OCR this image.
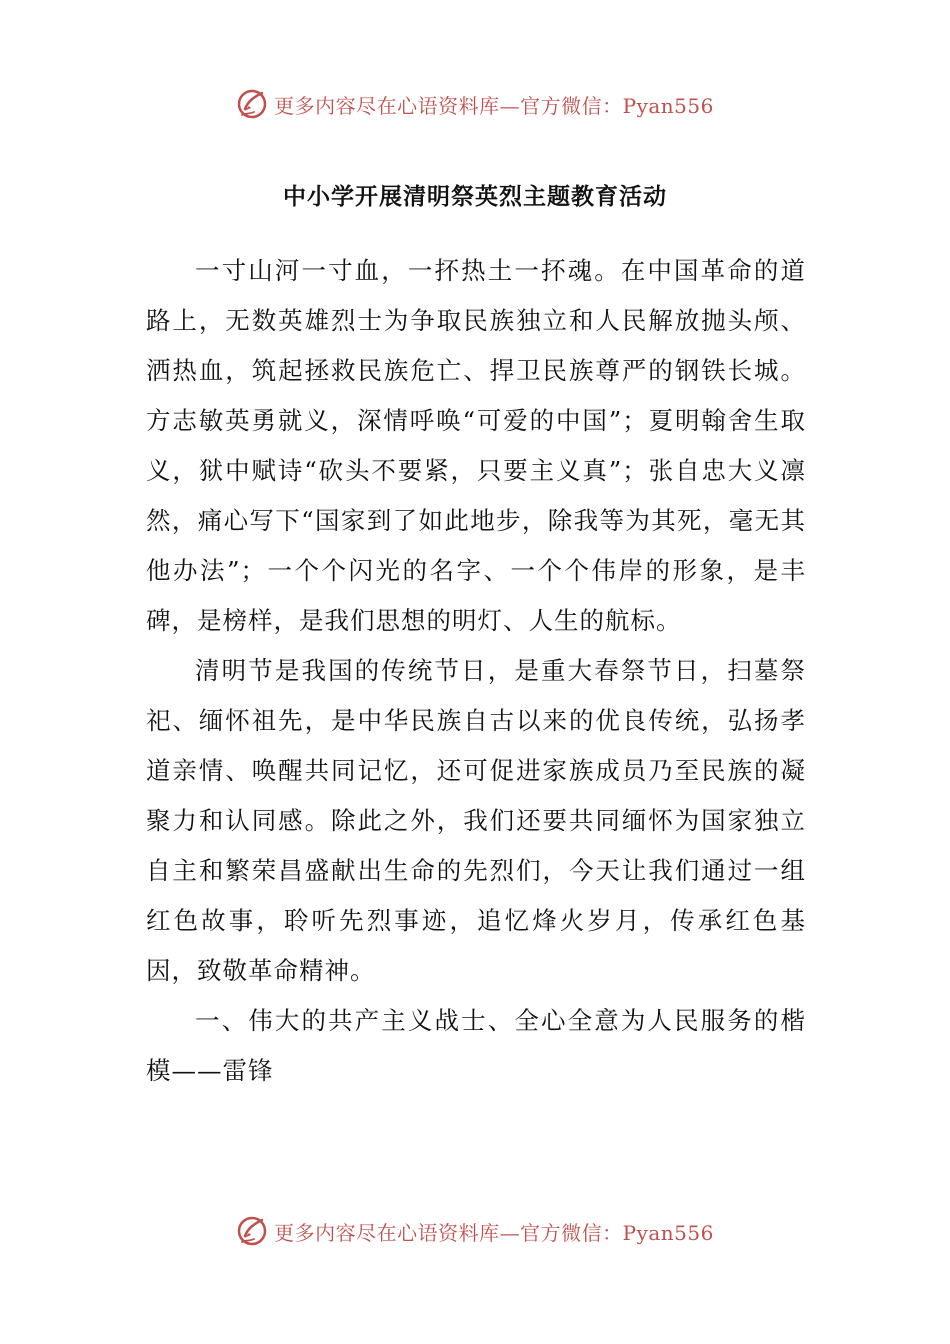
更多内容尽在心语资料库—官方微信：Pyan556
中小学开展清明祭英烈主题教育活动

一寸山河一寸血，一抔热土一抔魂。在中国革命的道路上，无数英雄烈士为争取民族独立和人民解放抛头颅、洒热血，筑起拯救民族危亡、捍卫民族尊严的钢铁长城。方志敏英勇就义，深情呼唤“可爱的中国”；夏明翰舍生取义，狱中赋诗“砍头不要紧，只要主义真”；张自忠大义凛然，痛心写下“国家到了如此地步，除我等为其死，毫无其他办法”；一个个闪光的名字、一个个伟岸的形象，是丰碑，是榜样，是我们思想的明灯、人生的航标。

清明节是我国的传统节日，是重大春祭节日，扫墓祭祀、缅怀祖先，是中华民族自古以来的优良传统，弘扬孝道亲情、唤醒共同记忆，还可促进家族成员乃至民族的凝聚力和认同感。除此之外，我们还要共同缅怀为国家独立自主和繁荣昌盛献出生命的先烈们，今天让我们通过一组红色故事，聆听先烈事迹，追忆烽火岁月，传承红色基因，致敬革命精神。

一、伟大的共产主义战士、全心全意为人民服务的楷模——雷锋

更多内容尽在心语资料库—官方微信：Pyan556
